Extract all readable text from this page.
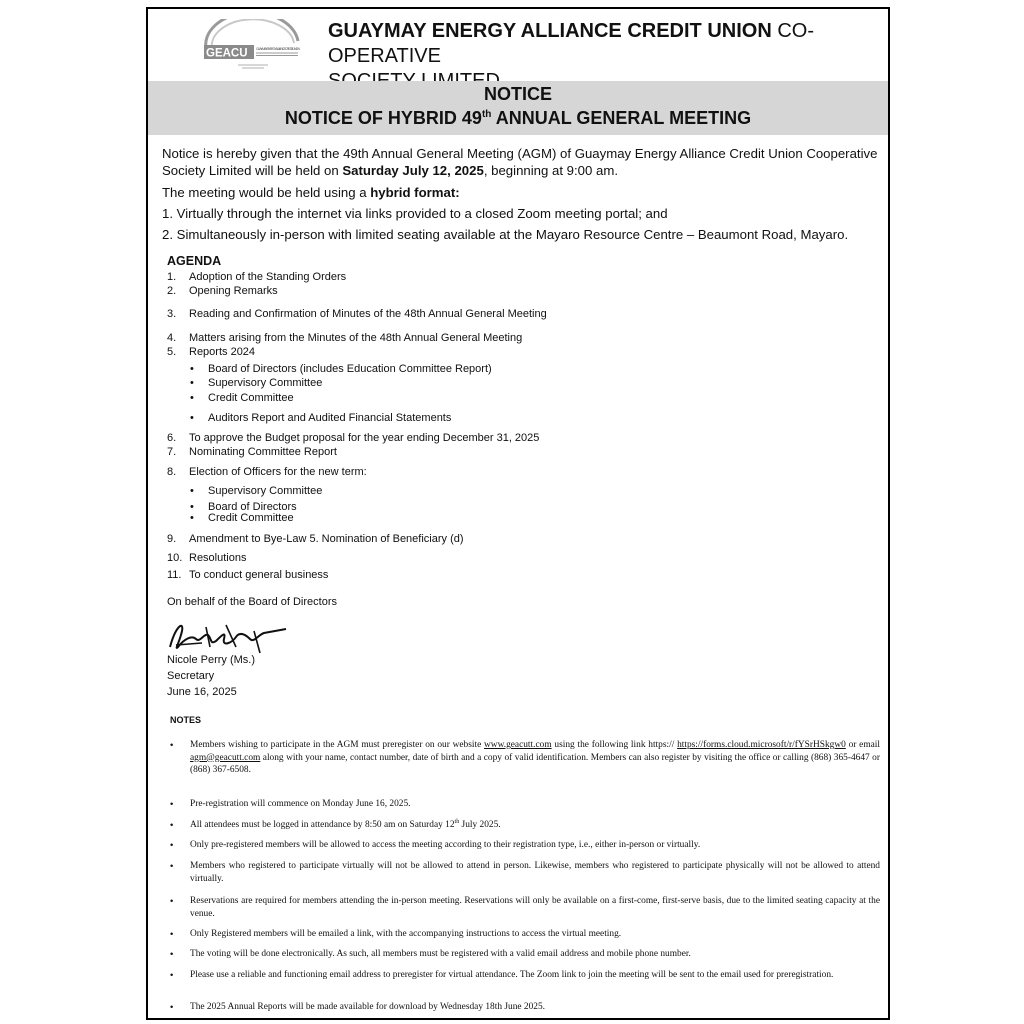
GEACU GUAYMAY ENERGY ALLIANCE CREDIT UNION
GUAYMAY ENERGY ALLIANCE CREDIT UNION CO-OPERATIVE

NOTICE
NOTICE OF HYBRID 49th ANNUAL GENERAL MEETING
Notice is hereby given that the 49th Annual General Meeting (AGM) of Guaymay Energy Alliance Credit Union Cooperative Society Limited will be held on Saturday July 12, 2025, beginning at 9:00 am.
The meeting would be held using a hybrid format:
1. Virtually through the internet via links provided to a closed Zoom meeting portal; and
2. Simultaneously in-person with limited seating available at the Mayaro Resource Centre – Beaumont Road, Mayaro.
AGENDA
1. Adoption of the Standing Orders
2. Opening Remarks
3. Reading and Confirmation of Minutes of the 48th Annual General Meeting
4. Matters arising from the Minutes of the 48th Annual General Meeting
5. Reports 2024
• Board of Directors (includes Education Committee Report)
• Supervisory Committee
• Credit Committee
• Auditors Report and Audited Financial Statements
6. To approve the Budget proposal for the year ending December 31, 2025
7. Nominating Committee Report
8. Election of Officers for the new term:
• Supervisory Committee
• Board of Directors
• Credit Committee
9. Amendment to Bye-Law 5. Nomination of Beneficiary (d)
10. Resolutions
11. To conduct general business
On behalf of the Board of Directors
Nicole Perry (Ms.)
Secretary
June 16, 2025
NOTES
• Members wishing to participate in the AGM must preregister on our website www.geacutt.com using the following link https:// https://forms.cloud.microsoft/r/fYSrHSkgw0 or email agm@geacutt.com along with your name, contact number, date of birth and a copy of valid identification. Members can also register by visiting the office or calling (868) 365-4647 or (868) 367-6508.
• Pre-registration will commence on Monday June 16, 2025.
• All attendees must be logged in attendance by 8:50 am on Saturday 12th July 2025.
• Only pre-registered members will be allowed to access the meeting according to their registration type, i.e., either in-person or virtually.
• Members who registered to participate virtually will not be allowed to attend in person. Likewise, members who registered to participate physically will not be allowed to attend virtually.
• Reservations are required for members attending the in-person meeting. Reservations will only be available on a first-come, first-serve basis, due to the limited seating capacity at the venue.
• Only Registered members will be emailed a link, with the accompanying instructions to access the virtual meeting.
• The voting will be done electronically. As such, all members must be registered with a valid email address and mobile phone number.
• Please use a reliable and functioning email address to preregister for virtual attendance. The Zoom link to join the meeting will be sent to the email used for preregistration.
• The 2025 Annual Reports will be made available for download by Wednesday 18th June 2025.
